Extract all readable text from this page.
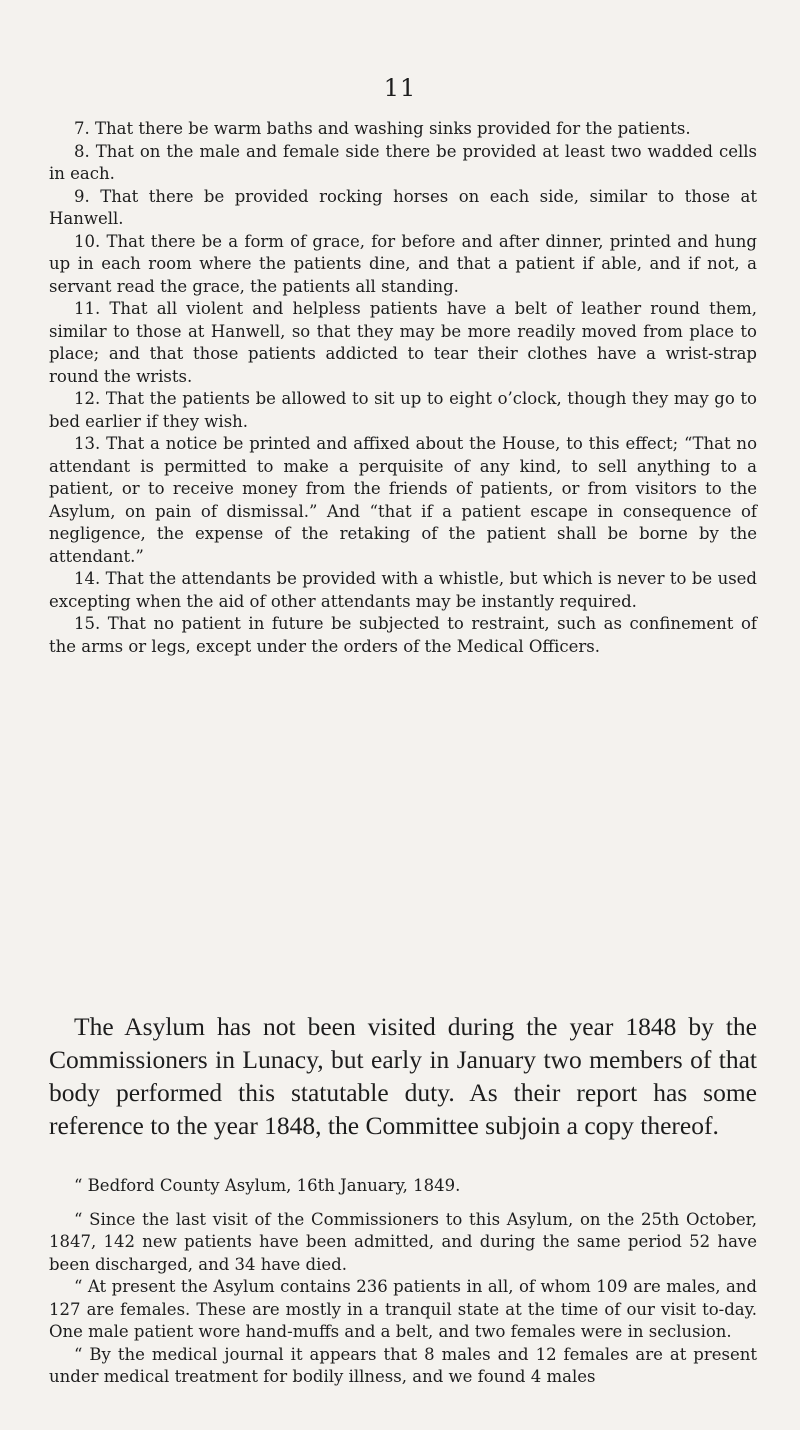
11

7. That there be warm baths and washing sinks provided for the patients.

8. That on the male and female side there be provided at least two wadded cells in each.

9. That there be provided rocking horses on each side, similar to those at Hanwell.

10. That there be a form of grace, for before and after dinner, printed and hung up in each room where the patients dine, and that a patient if able, and if not, a servant read the grace, the patients all standing.

11. That all violent and helpless patients have a belt of leather round them, similar to those at Hanwell, so that they may be more readily moved from place to place; and that those patients addicted to tear their clothes have a wrist-strap round the wrists.

12. That the patients be allowed to sit up to eight o’clock, though they may go to bed earlier if they wish.

13. That a notice be printed and affixed about the House, to this effect; “That no attendant is permitted to make a perquisite of any kind, to sell anything to a patient, or to receive money from the friends of patients, or from visitors to the Asylum, on pain of dismissal.” And “that if a patient escape in consequence of negligence, the expense of the retaking of the patient shall be borne by the attendant.”

14. That the attendants be provided with a whistle, but which is never to be used excepting when the aid of other attendants may be instantly required.

15. That no patient in future be subjected to restraint, such as confinement of the arms or legs, except under the orders of the Medical Officers.

The Asylum has not been visited during the year 1848 by the Commissioners in Lunacy, but early in January two members of that body performed this statutable duty. As their report has some reference to the year 1848, the Committee subjoin a copy thereof.

“ Bedford County Asylum, 16th January, 1849.

“ Since the last visit of the Commissioners to this Asylum, on the 25th October, 1847, 142 new patients have been admitted, and during the same period 52 have been discharged, and 34 have died.

“ At present the Asylum contains 236 patients in all, of whom 109 are males, and 127 are females. These are mostly in a tranquil state at the time of our visit to-day. One male patient wore hand-muffs and a belt, and two females were in seclusion.

“ By the medical journal it appears that 8 males and 12 females are at present under medical treatment for bodily illness, and we found 4 males
